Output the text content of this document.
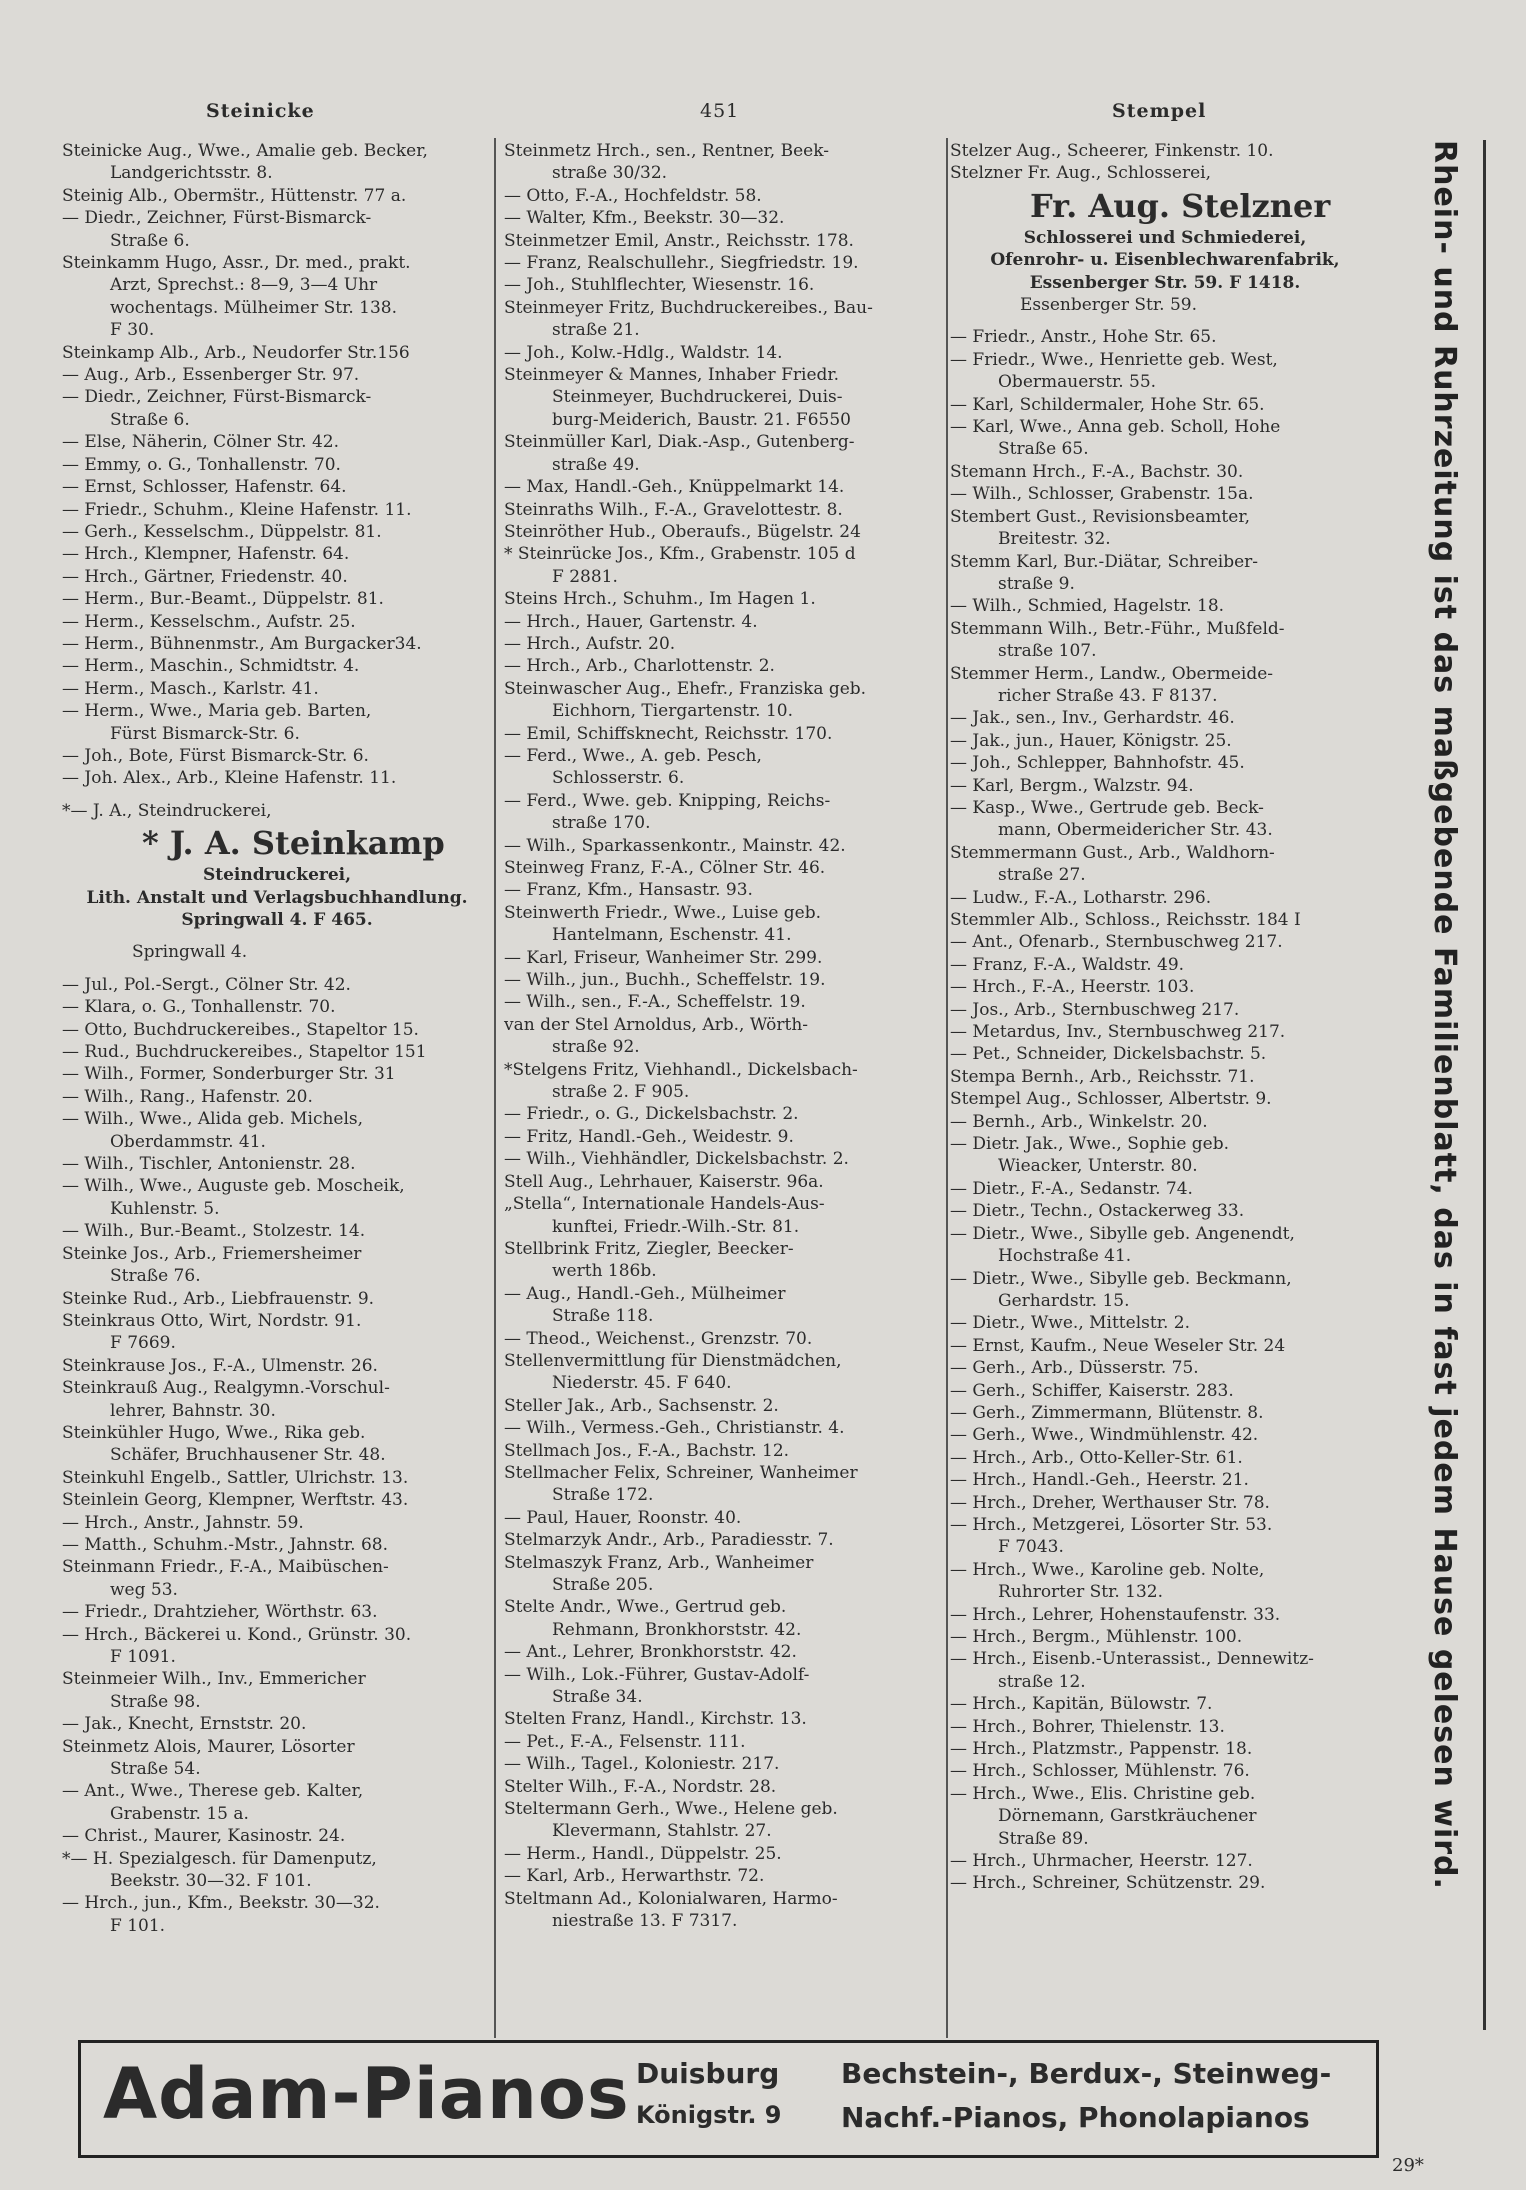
Steinicke	451	Stempel
Steinicke Aug., Wwe., Amalie geb. Becker,
Landgerichtsstr. 8.
Steinig Alb., Oberms̈tr., Hüttenstr. 77 a.
— Diedr., Zeichner, Fürst-Bismarck-
Straße 6.
Steinkamm Hugo, Assr., Dr. med., prakt.
Arzt, Sprechst.: 8—9, 3—4 Uhr
wochentags. Mülheimer Str. 138.
F 30.
Steinkamp Alb., Arb., Neudorfer Str.156
— Aug., Arb., Essenberger Str. 97.
— Diedr., Zeichner, Fürst-Bismarck-
Straße 6.
— Else, Näherin, Cölner Str. 42.
— Emmy, o. G., Tonhallenstr. 70.
— Ernst, Schlosser, Hafenstr. 64.
— Friedr., Schuhm., Kleine Hafenstr. 11.
— Gerh., Kesselschm., Düppelstr. 81.
— Hrch., Klempner, Hafenstr. 64.
— Hrch., Gärtner, Friedenstr. 40.
— Herm., Bur.-Beamt., Düppelstr. 81.
— Herm., Kesselschm., Aufstr. 25.
— Herm., Bühnenmstr., Am Burgacker34.
— Herm., Maschin., Schmidtstr. 4.
— Herm., Masch., Karlstr. 41.
— Herm., Wwe., Maria geb. Barten,
Fürst Bismarck-Str. 6.
— Joh., Bote, Fürst Bismarck-Str. 6.
— Joh. Alex., Arb., Kleine Hafenstr. 11.
*— J. A., Steindruckerei,
* J. A. Steinkamp
Steindruckerei,
Lith. Anstalt und Verlagsbuchhandlung.
Springwall 4. F 465.
Springwall 4.
— Jul., Pol.-Sergt., Cölner Str. 42.
— Klara, o. G., Tonhallenstr. 70.
— Otto, Buchdruckereibes., Stapeltor 15.
— Rud., Buchdruckereibes., Stapeltor 151
— Wilh., Former, Sonderburger Str. 31
— Wilh., Rang., Hafenstr. 20.
— Wilh., Wwe., Alida geb. Michels,
Oberdammstr. 41.
— Wilh., Tischler, Antonienstr. 28.
— Wilh., Wwe., Auguste geb. Moscheik,
Kuhlenstr. 5.
— Wilh., Bur.-Beamt., Stolzestr. 14.
Steinke Jos., Arb., Friemersheimer
Straße 76.
Steinke Rud., Arb., Liebfrauenstr. 9.
Steinkraus Otto, Wirt, Nordstr. 91.
F 7669.
Steinkrause Jos., F.-A., Ulmenstr. 26.
Steinkrauß Aug., Realgymn.-Vorschul-
lehrer, Bahnstr. 30.
Steinkühler Hugo, Wwe., Rika geb.
Schäfer, Bruchhausener Str. 48.
Steinkuhl Engelb., Sattler, Ulrichstr. 13.
Steinlein Georg, Klempner, Werftstr. 43.
— Hrch., Anstr., Jahnstr. 59.
— Matth., Schuhm.-Mstr., Jahnstr. 68.
Steinmann Friedr., F.-A., Maibüschen-
weg 53.
— Friedr., Drahtzieher, Wörthstr. 63.
— Hrch., Bäckerei u. Kond., Grünstr. 30.
F 1091.
Steinmeier Wilh., Inv., Emmericher
Straße 98.
— Jak., Knecht, Ernststr. 20.
Steinmetz Alois, Maurer, Lösorter
Straße 54.
— Ant., Wwe., Therese geb. Kalter,
Grabenstr. 15 a.
— Christ., Maurer, Kasinostr. 24.
*— H. Spezialgesch. für Damenputz,
Beekstr. 30—32. F 101.
— Hrch., jun., Kfm., Beekstr. 30—32.
F 101.
Steinmetz Hrch., sen., Rentner, Beek-
straße 30/32.
— Otto, F.-A., Hochfeldstr. 58.
— Walter, Kfm., Beekstr. 30—32.
Steinmetzer Emil, Anstr., Reichsstr. 178.
— Franz, Realschullehr., Siegfriedstr. 19.
— Joh., Stuhlflechter, Wiesenstr. 16.
Steinmeyer Fritz, Buchdruckereibes., Bau-
straße 21.
— Joh., Kolw.-Hdlg., Waldstr. 14.
Steinmeyer & Mannes, Inhaber Friedr.
Steinmeyer, Buchdruckerei, Duis-
burg-Meiderich, Baustr. 21. F6550
Steinmüller Karl, Diak.-Asp., Gutenberg-
straße 49.
— Max, Handl.-Geh., Knüppelmarkt 14.
Steinraths Wilh., F.-A., Gravelottestr. 8.
Steinröther Hub., Oberaufs., Bügelstr. 24
* Steinrücke Jos., Kfm., Grabenstr. 105 d
F 2881.
Steins Hrch., Schuhm., Im Hagen 1.
— Hrch., Hauer, Gartenstr. 4.
— Hrch., Aufstr. 20.
— Hrch., Arb., Charlottenstr. 2.
Steinwascher Aug., Ehefr., Franziska geb.
Eichhorn, Tiergartenstr. 10.
— Emil, Schiffsknecht, Reichsstr. 170.
— Ferd., Wwe., A. geb. Pesch,
Schlosserstr. 6.
— Ferd., Wwe. geb. Knipping, Reichs-
straße 170.
— Wilh., Sparkassenkontr., Mainstr. 42.
Steinweg Franz, F.-A., Cölner Str. 46.
— Franz, Kfm., Hansastr. 93.
Steinwerth Friedr., Wwe., Luise geb.
Hantelmann, Eschenstr. 41.
— Karl, Friseur, Wanheimer Str. 299.
— Wilh., jun., Buchh., Scheffelstr. 19.
— Wilh., sen., F.-A., Scheffelstr. 19.
van der Stel Arnoldus, Arb., Wörth-
straße 92.
*Stelgens Fritz, Viehhandl., Dickelsbach-
straße 2. F 905.
— Friedr., o. G., Dickelsbachstr. 2.
— Fritz, Handl.-Geh., Weidestr. 9.
— Wilh., Viehhändler, Dickelsbachstr. 2.
Stell Aug., Lehrhauer, Kaiserstr. 96a.
„Stella“, Internationale Handels-Aus-
kunftei, Friedr.-Wilh.-Str. 81.
Stellbrink Fritz, Ziegler, Beecker-
werth 186b.
— Aug., Handl.-Geh., Mülheimer
Straße 118.
— Theod., Weichenst., Grenzstr. 70.
Stellenvermittlung für Dienstmädchen,
Niederstr. 45. F 640.
Steller Jak., Arb., Sachsenstr. 2.
— Wilh., Vermess.-Geh., Christianstr. 4.
Stellmach Jos., F.-A., Bachstr. 12.
Stellmacher Felix, Schreiner, Wanheimer
Straße 172.
— Paul, Hauer, Roonstr. 40.
Stelmarzyk Andr., Arb., Paradiesstr. 7.
Stelmaszyk Franz, Arb., Wanheimer
Straße 205.
Stelte Andr., Wwe., Gertrud geb.
Rehmann, Bronkhorststr. 42.
— Ant., Lehrer, Bronkhorststr. 42.
— Wilh., Lok.-Führer, Gustav-Adolf-
Straße 34.
Stelten Franz, Handl., Kirchstr. 13.
— Pet., F.-A., Felsenstr. 111.
— Wilh., Tagel., Koloniestr. 217.
Stelter Wilh., F.-A., Nordstr. 28.
Steltermann Gerh., Wwe., Helene geb.
Klevermann, Stahlstr. 27.
— Herm., Handl., Düppelstr. 25.
— Karl, Arb., Herwarthstr. 72.
Steltmann Ad., Kolonialwaren, Harmo-
niestraße 13. F 7317.
Stelzer Aug., Scheerer, Finkenstr. 10.
Stelzner Fr. Aug., Schlosserei,
Fr. Aug. Stelzner
Schlosserei und Schmiederei,
Ofenrohr- u. Eisenblechwarenfabrik,
Essenberger Str. 59. F 1418.
Essenberger Str. 59.
— Friedr., Anstr., Hohe Str. 65.
— Friedr., Wwe., Henriette geb. West,
Obermauerstr. 55.
— Karl, Schildermaler, Hohe Str. 65.
— Karl, Wwe., Anna geb. Scholl, Hohe
Straße 65.
Stemann Hrch., F.-A., Bachstr. 30.
— Wilh., Schlosser, Grabenstr. 15a.
Stembert Gust., Revisionsbeamter,
Breitestr. 32.
Stemm Karl, Bur.-Diätar, Schreiber-
straße 9.
— Wilh., Schmied, Hagelstr. 18.
Stemmann Wilh., Betr.-Führ., Mußfeld-
straße 107.
Stemmer Herm., Landw., Obermeide-
richer Straße 43. F 8137.
— Jak., sen., Inv., Gerhardstr. 46.
— Jak., jun., Hauer, Königstr. 25.
— Joh., Schlepper, Bahnhofstr. 45.
— Karl, Bergm., Walzstr. 94.
— Kasp., Wwe., Gertrude geb. Beck-
mann, Obermeidericher Str. 43.
Stemmermann Gust., Arb., Waldhorn-
straße 27.
— Ludw., F.-A., Lotharstr. 296.
Stemmler Alb., Schloss., Reichsstr. 184 I
— Ant., Ofenarb., Sternbuschweg 217.
— Franz, F.-A., Waldstr. 49.
— Hrch., F.-A., Heerstr. 103.
— Jos., Arb., Sternbuschweg 217.
— Metardus, Inv., Sternbuschweg 217.
— Pet., Schneider, Dickelsbachstr. 5.
Stempa Bernh., Arb., Reichsstr. 71.
Stempel Aug., Schlosser, Albertstr. 9.
— Bernh., Arb., Winkelstr. 20.
— Dietr. Jak., Wwe., Sophie geb.
Wieacker, Unterstr. 80.
— Dietr., F.-A., Sedanstr. 74.
— Dietr., Techn., Ostackerweg 33.
— Dietr., Wwe., Sibylle geb. Angenendt,
Hochstraße 41.
— Dietr., Wwe., Sibylle geb. Beckmann,
Gerhardstr. 15.
— Dietr., Wwe., Mittelstr. 2.
— Ernst, Kaufm., Neue Weseler Str. 24
— Gerh., Arb., Düsserstr. 75.
— Gerh., Schiffer, Kaiserstr. 283.
— Gerh., Zimmermann, Blütenstr. 8.
— Gerh., Wwe., Windmühlenstr. 42.
— Hrch., Arb., Otto-Keller-Str. 61.
— Hrch., Handl.-Geh., Heerstr. 21.
— Hrch., Dreher, Werthauser Str. 78.
— Hrch., Metzgerei, Lösorter Str. 53.
F 7043.
— Hrch., Wwe., Karoline geb. Nolte,
Ruhrorter Str. 132.
— Hrch., Lehrer, Hohenstaufenstr. 33.
— Hrch., Bergm., Mühlenstr. 100.
— Hrch., Eisenb.-Unterassist., Dennewitz-
straße 12.
— Hrch., Kapitän, Bülowstr. 7.
— Hrch., Bohrer, Thielenstr. 13.
— Hrch., Platzmstr., Pappenstr. 18.
— Hrch., Schlosser, Mühlenstr. 76.
— Hrch., Wwe., Elis. Christine geb.
Dörnemann, Garstkräuchener
Straße 89.
— Hrch., Uhrmacher, Heerstr. 127.
— Hrch., Schreiner, Schützenstr. 29.	Rhein- und Ruhrzeitung ist das maßgebende Familienblatt, das in fast jedem Hause gelesen wird.
Adam-Pianos Duisburg
Königstr. 9
Bechstein-, Berdux-, Steinweg-
Nachf.-Pianos, Phonolapianos
29*
